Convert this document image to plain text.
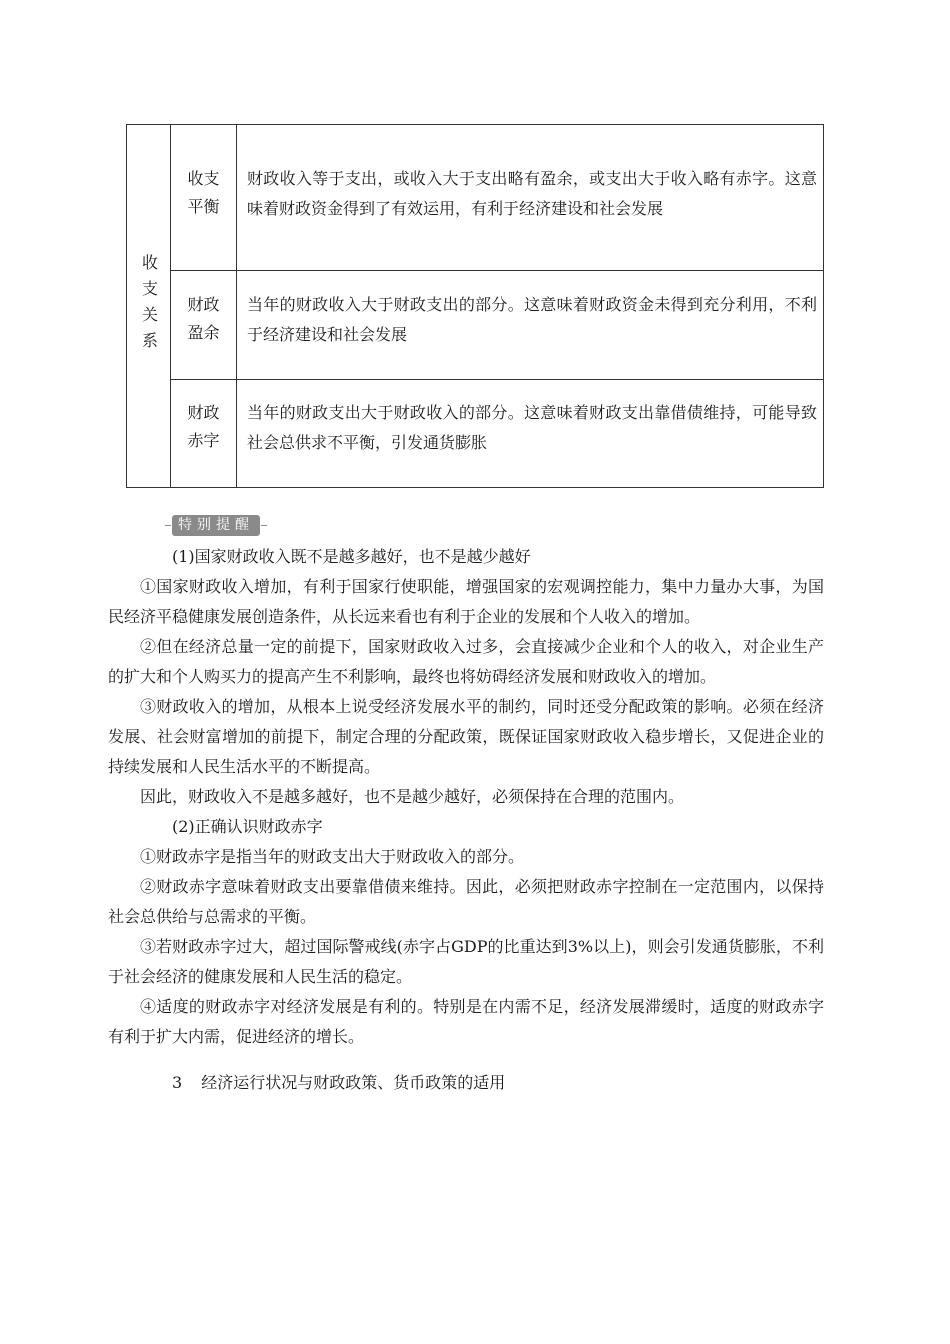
收支关系
收支平衡
财政收入等于支出，或收入大于支出略有盈余，或支出大于收入略有赤字。这意味着财政资金得到了有效运用，有利于经济建设和社会发展
财政盈余
当年的财政收入大于财政支出的部分。这意味着财政资金未得到充分利用，不利于经济建设和社会发展
财政赤字
当年的财政支出大于财政收入的部分。这意味着财政支出靠借债维持，可能导致社会总供求不平衡，引发通货膨胀
特别提醒

(1)国家财政收入既不是越多越好，也不是越少越好

①国家财政收入增加，有利于国家行使职能，增强国家的宏观调控能力，集中力量办大事，为国民经济平稳健康发展创造条件，从长远来看也有利于企业的发展和个人收入的增加。

②但在经济总量一定的前提下，国家财政收入过多，会直接减少企业和个人的收入，对企业生产的扩大和个人购买力的提高产生不利影响，最终也将妨碍经济发展和财政收入的增加。

③财政收入的增加，从根本上说受经济发展水平的制约，同时还受分配政策的影响。必须在经济发展、社会财富增加的前提下，制定合理的分配政策，既保证国家财政收入稳步增长，又促进企业的持续发展和人民生活水平的不断提高。

因此，财政收入不是越多越好，也不是越少越好，必须保持在合理的范围内。

(2)正确认识财政赤字

①财政赤字是指当年的财政支出大于财政收入的部分。

②财政赤字意味着财政支出要靠借债来维持。因此，必须把财政赤字控制在一定范围内，以保持社会总供给与总需求的平衡。

③若财政赤字过大，超过国际警戒线(赤字占GDP的比重达到3%以上)，则会引发通货膨胀，不利于社会经济的健康发展和人民生活的稳定。

④适度的财政赤字对经济发展是有利的。特别是在内需不足，经济发展滞缓时，适度的财政赤字有利于扩大内需，促进经济的增长。

3 经济运行状况与财政政策、货币政策的适用
